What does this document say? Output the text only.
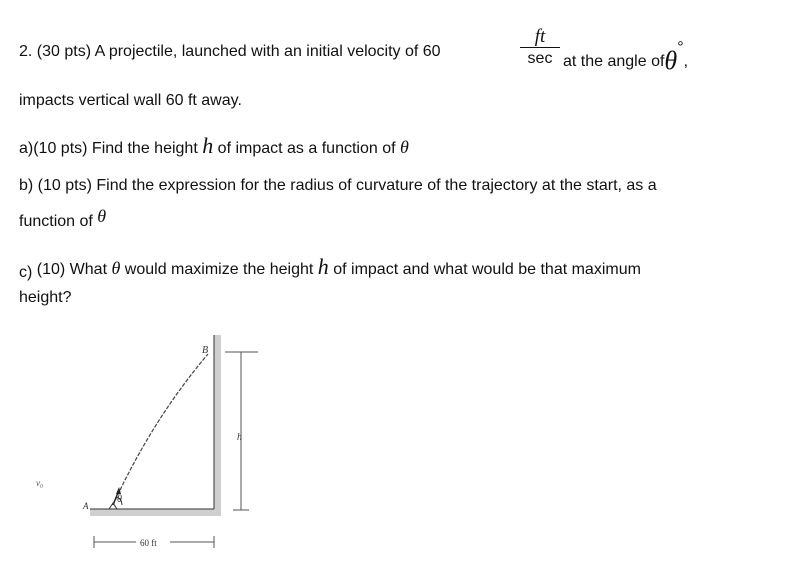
2. (30 pts) A projectile, launched with an initial velocity of 60
ft
sec at the angle ofθ°,
impacts vertical wall 60 ft away.
a)(10 pts) Find the height h of impact as a function of θ
b) (10 pts) Find the expression for the radius of curvature of the trajectory at the start, as a
function of θ
c) (10) What θ would maximize the height h of impact and what would be that maximum
height?
B
h
v₀
A
θ
60 ft
